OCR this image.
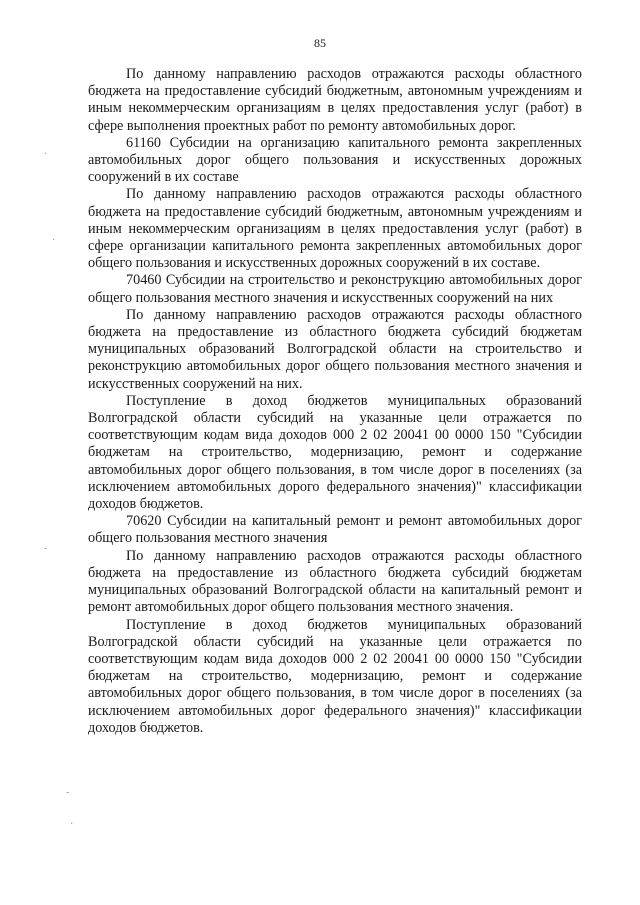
85

По данному направлению расходов отражаются расходы областного бюджета на предоставление субсидий бюджетным, автономным учреждениям и иным некоммерческим организациям в целях предоставления услуг (работ) в сфере выполнения проектных работ по ремонту автомобильных дорог.

61160 Субсидии на организацию капитального ремонта закрепленных автомобильных дорог общего пользования и искусственных дорожных сооружений в их составе

По данному направлению расходов отражаются расходы областного бюджета на предоставление субсидий бюджетным, автономным учреждениям и иным некоммерческим организациям в целях предоставления услуг (работ) в сфере организации капитального ремонта закрепленных автомобильных дорог общего пользования и искусственных дорожных сооружений в их составе.

70460 Субсидии на строительство и реконструкцию автомобильных дорог общего пользования местного значения и искусственных сооружений на них

По данному направлению расходов отражаются расходы областного бюджета на предоставление из областного бюджета субсидий бюджетам муниципальных образований Волгоградской области на строительство и реконструкцию автомобильных дорог общего пользования местного значения и искусственных сооружений на них.

Поступление в доход бюджетов муниципальных образований Волгоградской области субсидий на указанные цели отражается по соответствующим кодам вида доходов 000 2 02 20041 00 0000 150 "Субсидии бюджетам на строительство, модернизацию, ремонт и содержание автомобильных дорог общего пользования, в том числе дорог в поселениях (за исключением автомобильных дорого федерального значения)" классификации доходов бюджетов.

70620 Субсидии на капитальный ремонт и ремонт автомобильных дорог общего пользования местного значения

По данному направлению расходов отражаются расходы областного бюджета на предоставление из областного бюджета субсидий бюджетам муниципальных образований Волгоградской области на капитальный ремонт и ремонт автомобильных дорог общего пользования местного значения.

Поступление в доход бюджетов муниципальных образований Волгоградской области субсидий на указанные цели отражается по соответствующим кодам вида доходов 000 2 02 20041 00 0000 150 "Субсидии бюджетам на строительство, модернизацию, ремонт и содержание автомобильных дорог общего пользования, в том числе дорог в поселениях (за исключением автомобильных дорог федерального значения)" классификации доходов бюджетов.

·
·
-
-
·
